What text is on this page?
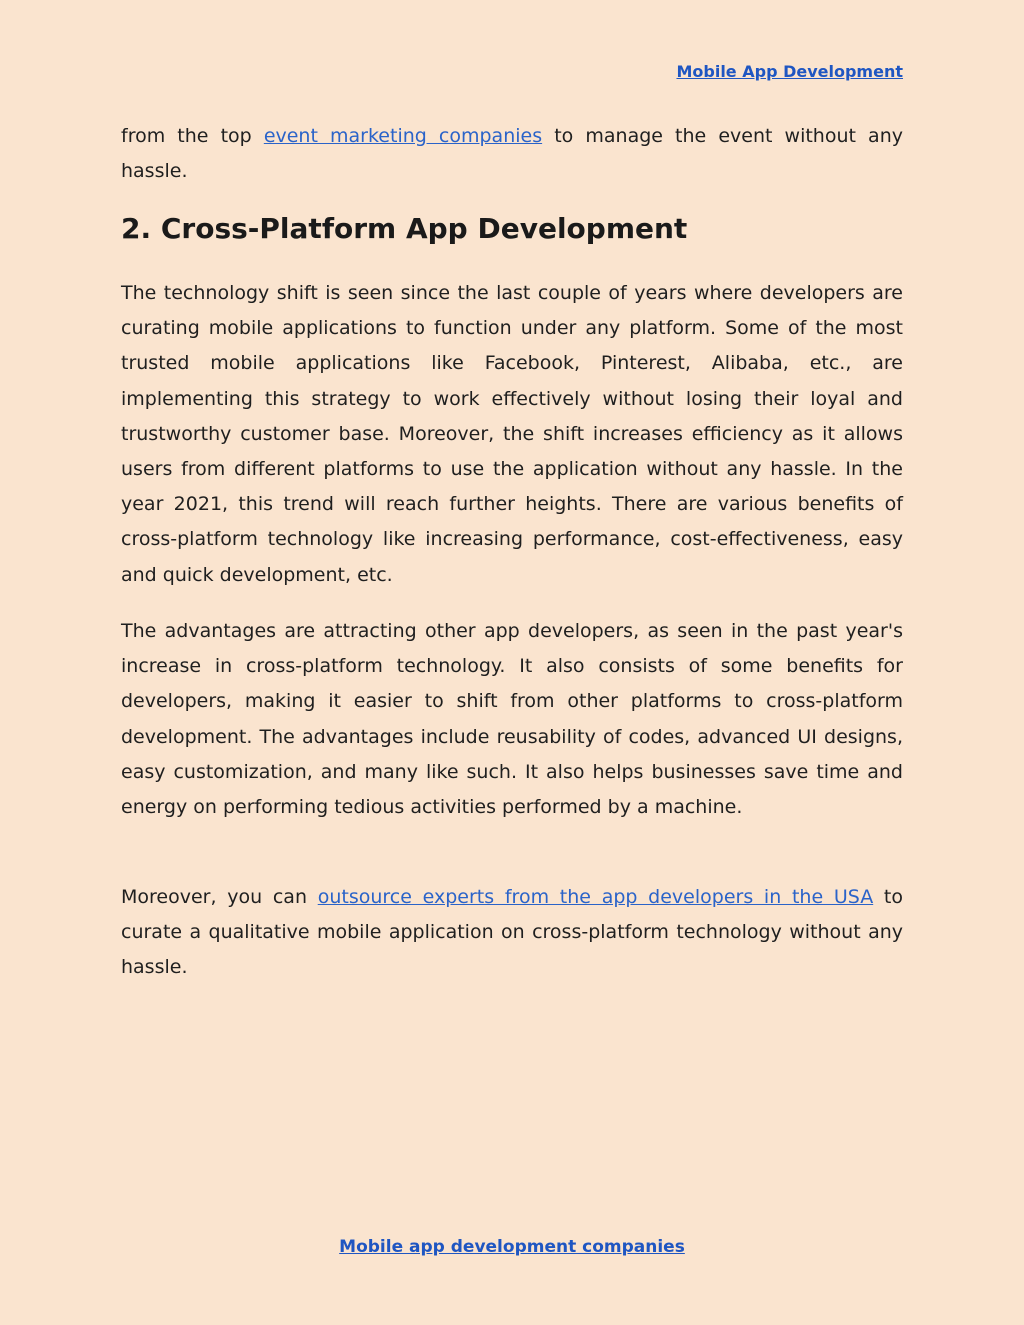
Mobile App Development

from the top event marketing companies to manage the event without any hassle.

2. Cross-Platform App Development

The technology shift is seen since the last couple of years where developers are curating mobile applications to function under any platform. Some of the most trusted mobile applications like Facebook, Pinterest, Alibaba, etc., are implementing this strategy to work effectively without losing their loyal and trustworthy customer base. Moreover, the shift increases efficiency as it allows users from different platforms to use the application without any hassle. In the year 2021, this trend will reach further heights. There are various benefits of cross-platform technology like increasing performance, cost-effectiveness, easy and quick development, etc.

The advantages are attracting other app developers, as seen in the past year's increase in cross-platform technology. It also consists of some benefits for developers, making it easier to shift from other platforms to cross-platform development. The advantages include reusability of codes, advanced UI designs, easy customization, and many like such. It also helps businesses save time and energy on performing tedious activities performed by a machine.

Moreover, you can outsource experts from the app developers in the USA to curate a qualitative mobile application on cross-platform technology without any hassle.

Mobile app development companies
